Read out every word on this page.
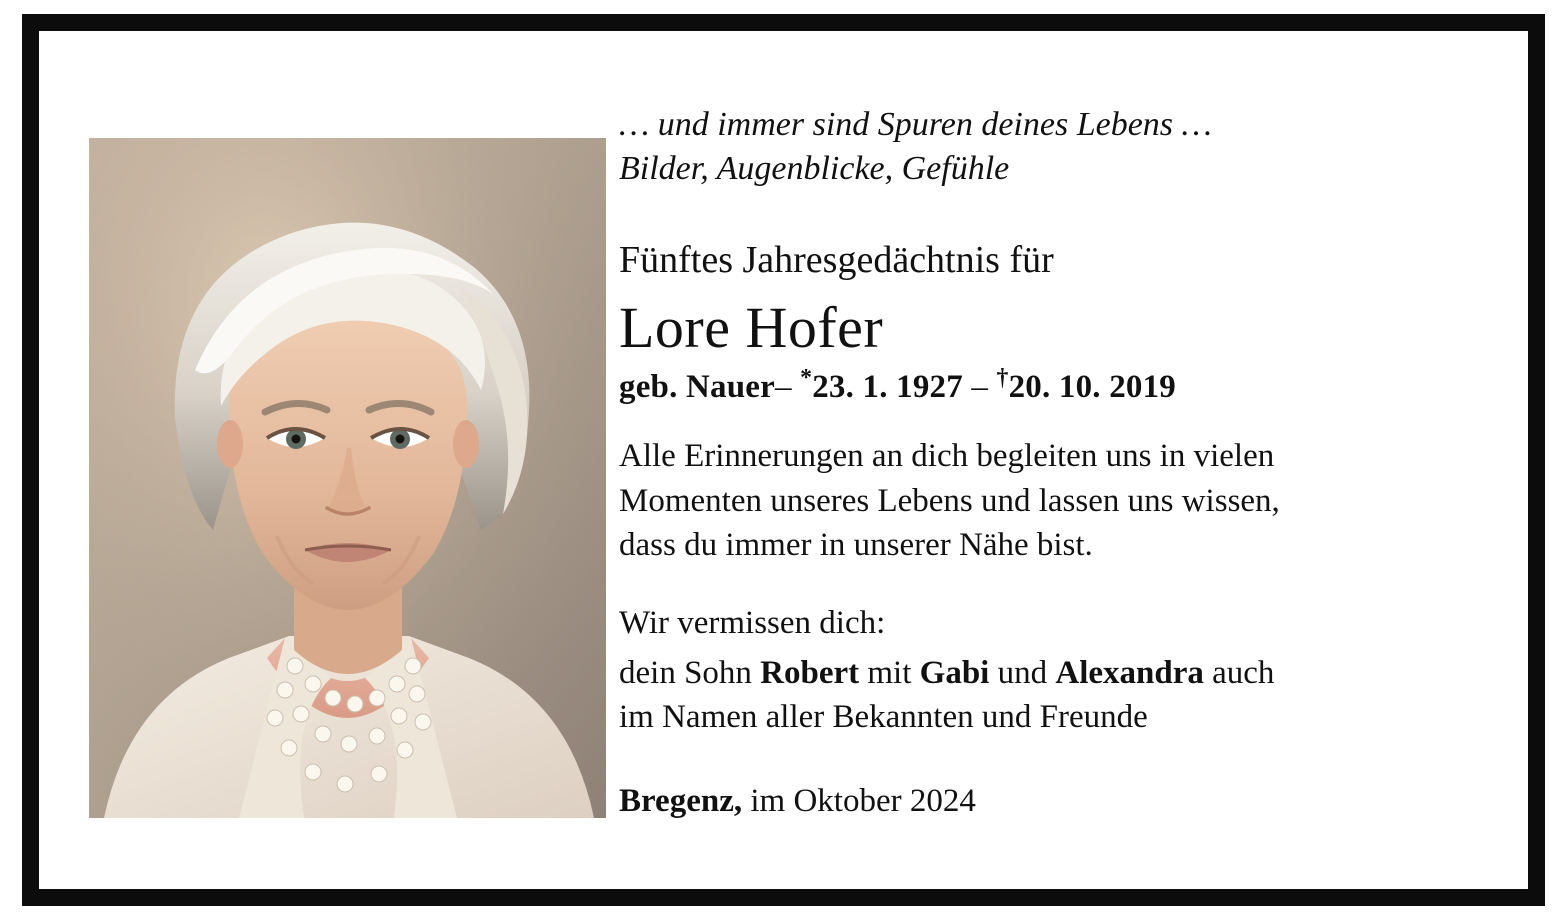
… und immer sind Spuren deines Lebens …
Bilder, Augenblicke, Gefühle
Fünftes Jahresgedächtnis für
Lore Hofer
geb. Nauer– *23. 1. 1927 – †20. 10. 2019
Alle Erinnerungen an dich begleiten uns in vielen
Momenten unseres Lebens und lassen uns wissen,
dass du immer in unserer Nähe bist.
Wir vermissen dich:
dein Sohn Robert mit Gabi und Alexandra auch
im Namen aller Bekannten und Freunde
Bregenz, im Oktober 2024
